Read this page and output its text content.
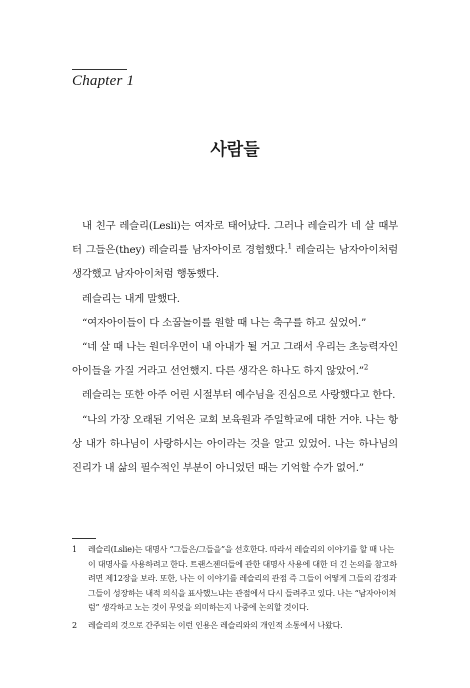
Chapter 1
사람들

내 친구 레슬리(Lesli)는 여자로 태어났다. 그러나 레슬리가 네 살 때부터 그들은(they) 레슬리를 남자아이로 경험했다.$^1$ 레슬리는 남자아이처럼 생각했고 남자아이처럼 행동했다.

레슬리는 내게 말했다.

“여자아이들이 다 소꿉놀이를 원할 때 나는 축구를 하고 싶었어.”

“네 살 때 나는 원더우먼이 내 아내가 될 거고 그래서 우리는 초능력자인 아이들을 가질 거라고 선언했지. 다른 생각은 하나도 하지 않았어.”$^2$

레슬리는 또한 아주 어린 시절부터 예수님을 진심으로 사랑했다고 한다.

“나의 가장 오래된 기억은 교회 보육원과 주일학교에 대한 거야. 나는 항상 내가 하나님이 사랑하시는 아이라는 것을 알고 있었어. 나는 하나님의 진리가 내 삶의 필수적인 부분이 아니었던 때는 기억할 수가 없어.”

1	레슬리(Lslie)는 대명사 “그들은/그들을”을 선호한다. 따라서 레슬리의 이야기를 할 때 나는 이 대명사를 사용하려고 한다. 트랜스젠더들에 관한 대명사 사용에 대한 더 긴 논의를 참고하려면 제12장을 보라. 또한, 나는 이 이야기를 레슬리의 관점 즉 그들이 어떻게 그들의 감정과 그들이 성장하는 내적 의식을 표사했느냐는 관점에서 다시 들려주고 있다. 나는 “남자아이처럼” 생각하고 노는 것이 무엇을 의미하는지 나중에 논의할 것이다.
2	레슬리의 것으로 간주되는 이런 인용은 레슬리와의 개인적 소통에서 나왔다.
